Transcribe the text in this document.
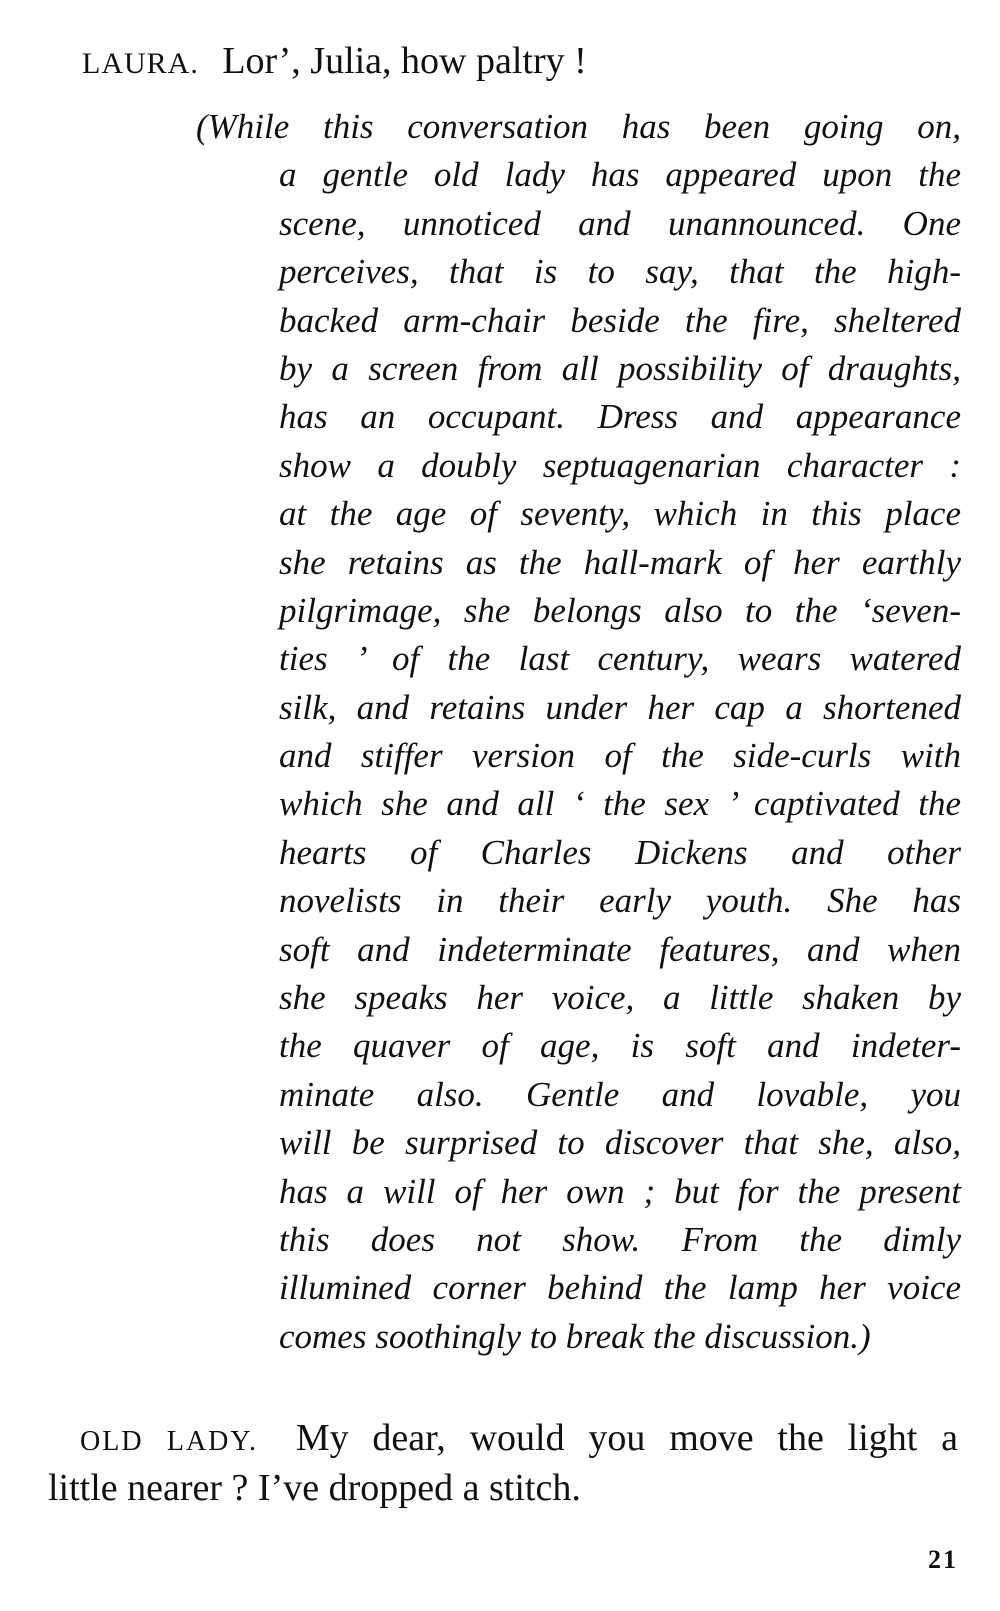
LAURA. Lor’, Julia, how paltry !
(While this conversation has been going on,
a gentle old lady has appeared upon the
scene, unnoticed and unannounced. One
perceives, that is to say, that the high-
backed arm-chair beside the fire, sheltered
by a screen from all possibility of draughts,
has an occupant. Dress and appearance
show a doubly septuagenarian character :
at the age of seventy, which in this place
she retains as the hall-mark of her earthly
pilgrimage, she belongs also to the ‘seven-
ties ’ of the last century, wears watered
silk, and retains under her cap a shortened
and stiffer version of the side-curls with
which she and all ‘ the sex ’ captivated the
hearts of Charles Dickens and other
novelists in their early youth. She has
soft and indeterminate features, and when
she speaks her voice, a little shaken by
the quaver of age, is soft and indeter-
minate also. Gentle and lovable, you
will be surprised to discover that she, also,
has a will of her own ; but for the present
this does not show. From the dimly
illumined corner behind the lamp her voice
comes soothingly to break the discussion.)
OLD LADY. My dear, would you move the light a
little nearer ? I’ve dropped a stitch.
21
